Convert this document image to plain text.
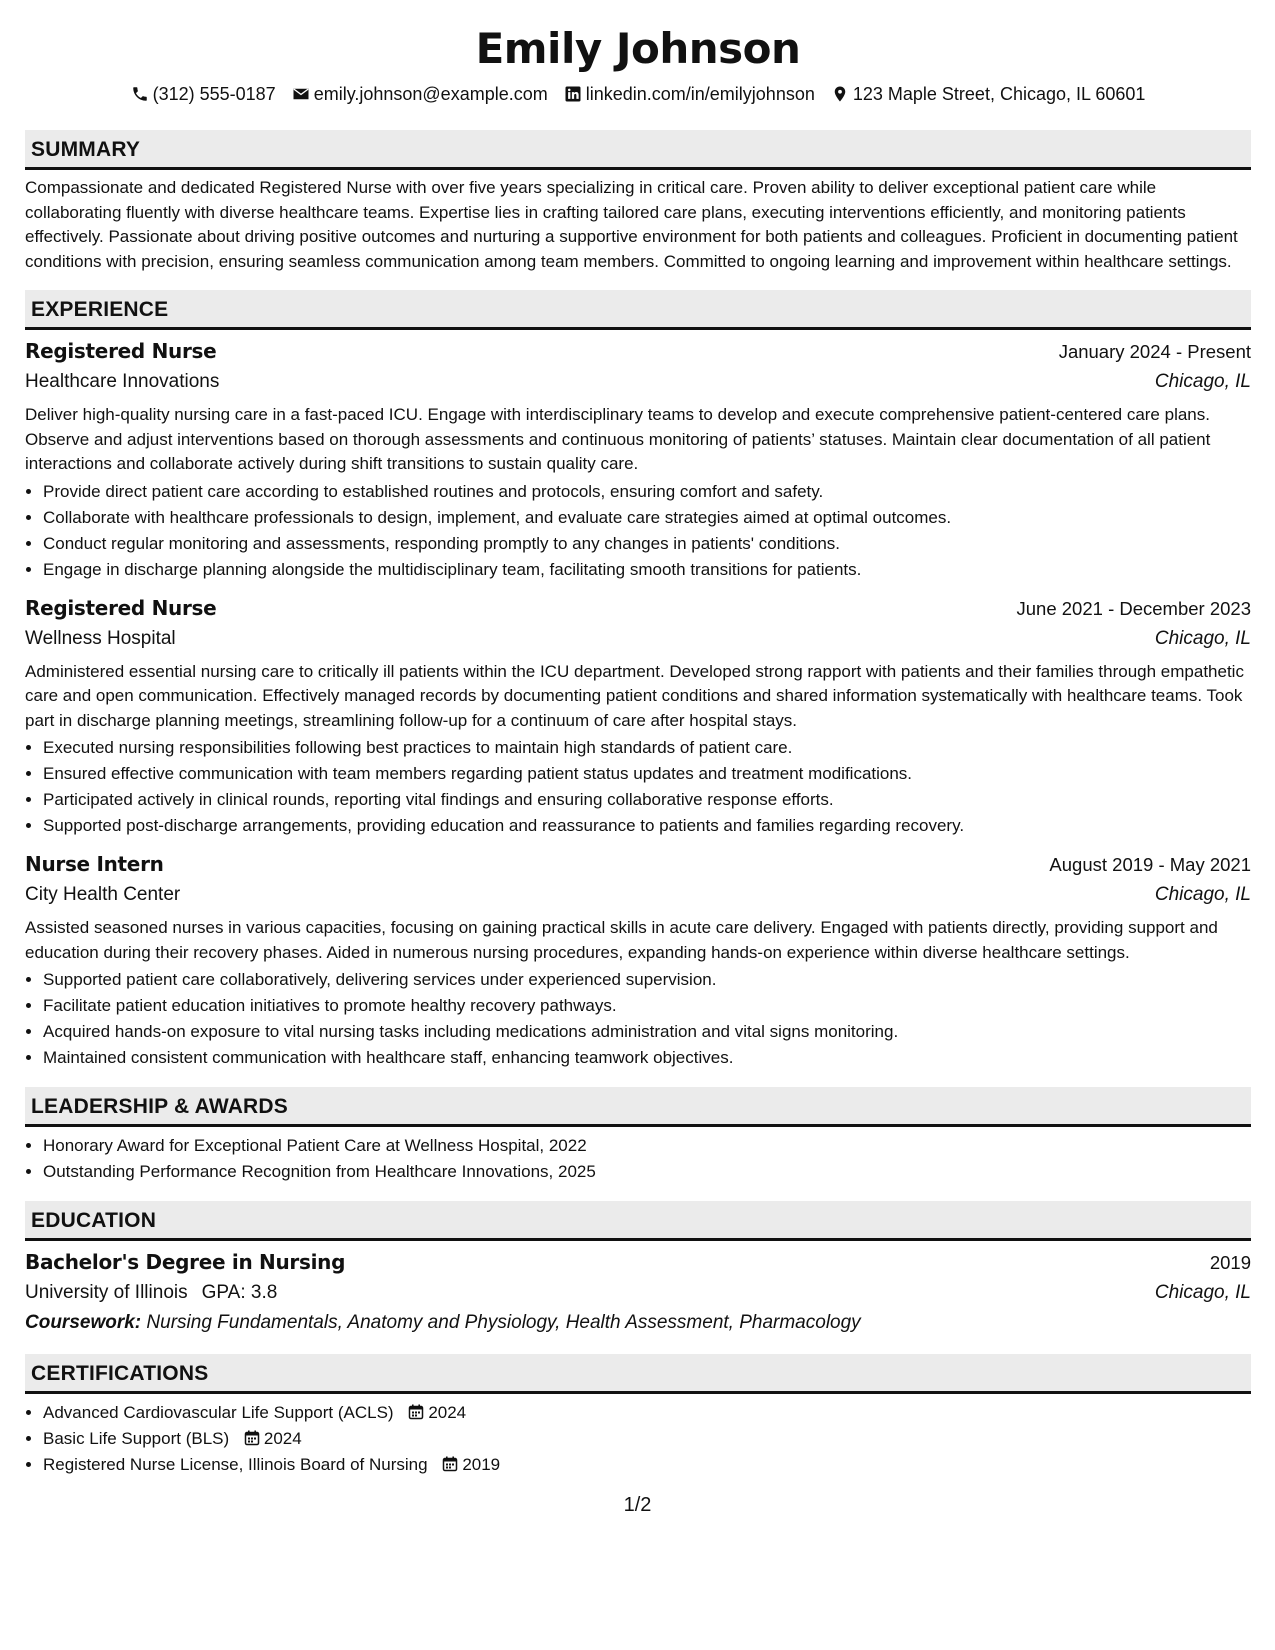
Emily Johnson
(312) 555-0187 emily.johnson@example.com linkedin.com/in/emilyjohnson 123 Maple Street, Chicago, IL 60601
SUMMARY

Compassionate and dedicated Registered Nurse with over five years specializing in critical care. Proven ability to deliver exceptional patient care while collaborating fluently with diverse healthcare teams. Expertise lies in crafting tailored care plans, executing interventions efficiently, and monitoring patients effectively. Passionate about driving positive outcomes and nurturing a supportive environment for both patients and colleagues. Proficient in documenting patient conditions with precision, ensuring seamless communication among team members. Committed to ongoing learning and improvement within healthcare settings.

EXPERIENCE
Registered Nurse	January 2024 - Present
Healthcare Innovations	Chicago, IL

Deliver high-quality nursing care in a fast-paced ICU. Engage with interdisciplinary teams to develop and execute comprehensive patient-centered care plans. Observe and adjust interventions based on thorough assessments and continuous monitoring of patients’ statuses. Maintain clear documentation of all patient interactions and collaborate actively during shift transitions to sustain quality care.

• Provide direct patient care according to established routines and protocols, ensuring comfort and safety.
• Collaborate with healthcare professionals to design, implement, and evaluate care strategies aimed at optimal outcomes.
• Conduct regular monitoring and assessments, responding promptly to any changes in patients' conditions.
• Engage in discharge planning alongside the multidisciplinary team, facilitating smooth transitions for patients.
Registered Nurse	June 2021 - December 2023
Wellness Hospital	Chicago, IL

Administered essential nursing care to critically ill patients within the ICU department. Developed strong rapport with patients and their families through empathetic care and open communication. Effectively managed records by documenting patient conditions and shared information systematically with healthcare teams. Took part in discharge planning meetings, streamlining follow-up for a continuum of care after hospital stays.

• Executed nursing responsibilities following best practices to maintain high standards of patient care.
• Ensured effective communication with team members regarding patient status updates and treatment modifications.
• Participated actively in clinical rounds, reporting vital findings and ensuring collaborative response efforts.
• Supported post-discharge arrangements, providing education and reassurance to patients and families regarding recovery.
Nurse Intern	August 2019 - May 2021
City Health Center	Chicago, IL

Assisted seasoned nurses in various capacities, focusing on gaining practical skills in acute care delivery. Engaged with patients directly, providing support and education during their recovery phases. Aided in numerous nursing procedures, expanding hands-on experience within diverse healthcare settings.

• Supported patient care collaboratively, delivering services under experienced supervision.
• Facilitate patient education initiatives to promote healthy recovery pathways.
• Acquired hands-on exposure to vital nursing tasks including medications administration and vital signs monitoring.
• Maintained consistent communication with healthcare staff, enhancing teamwork objectives.
LEADERSHIP & AWARDS
• Honorary Award for Exceptional Patient Care at Wellness Hospital, 2022
• Outstanding Performance Recognition from Healthcare Innovations, 2025
EDUCATION
Bachelor's Degree in Nursing	2019
University of Illinois GPA: 3.8	Chicago, IL
Coursework: Nursing Fundamentals, Anatomy and Physiology, Health Assessment, Pharmacology
CERTIFICATIONS
• Advanced Cardiovascular Life Support (ACLS) 2024
• Basic Life Support (BLS) 2024
• Registered Nurse License, Illinois Board of Nursing 2019
1/2
